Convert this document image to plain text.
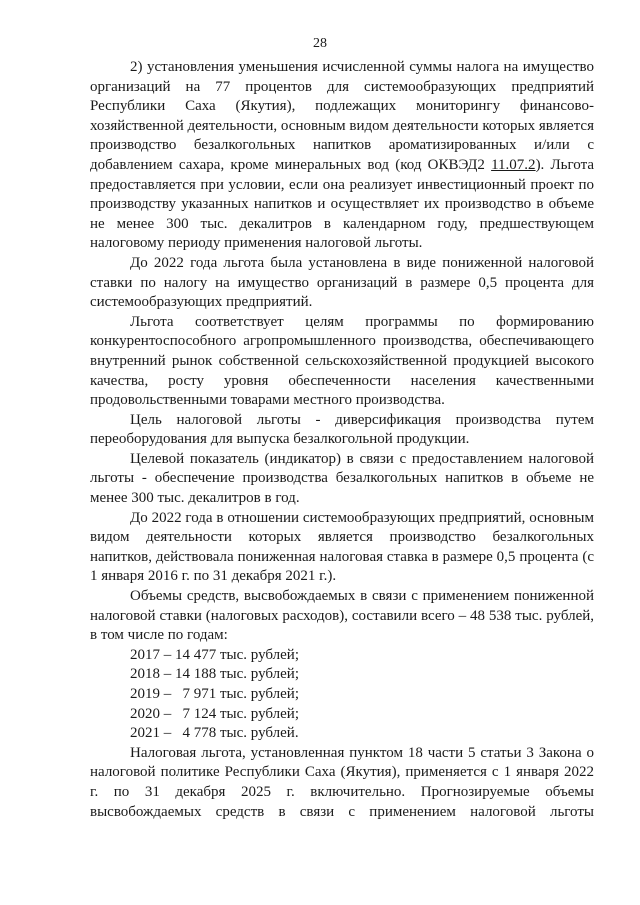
28

2) установления уменьшения исчисленной суммы налога на имущество организаций на 77 процентов для системообразующих предприятий Республики Саха (Якутия), подлежащих мониторингу финансово-хозяйственной деятельности, основным видом деятельности которых является производство безалкогольных напитков ароматизированных и/или с добавлением сахара, кроме минеральных вод (код ОКВЭД2 11.07.2). Льгота предоставляется при условии, если она реализует инвестиционный проект по производству указанных напитков и осуществляет их производство в объеме не менее 300 тыс. декалитров в календарном году, предшествующем налоговому периоду применения налоговой льготы.

До 2022 года льгота была установлена в виде пониженной налоговой ставки по налогу на имущество организаций в размере 0,5 процента для системообразующих предприятий.

Льгота соответствует целям программы по формированию конкурентоспособного агропромышленного производства, обеспечивающего внутренний рынок собственной сельскохозяйственной продукцией высокого качества, росту уровня обеспеченности населения качественными продовольственными товарами местного производства.

Цель налоговой льготы - диверсификация производства путем переоборудования для выпуска безалкогольной продукции.

Целевой показатель (индикатор) в связи с предоставлением налоговой льготы - обеспечение производства безалкогольных напитков в объеме не менее 300 тыс. декалитров в год.

До 2022 года в отношении системообразующих предприятий, основным видом деятельности которых является производство безалкогольных напитков, действовала пониженная налоговая ставка в размере 0,5 процента (с 1 января 2016 г. по 31 декабря 2021 г.).

Объемы средств, высвобождаемых в связи с применением пониженной налоговой ставки (налоговых расходов), составили всего – 48 538 тыс. рублей, в том числе по годам:

2017 – 14 477 тыс. рублей;
2018 – 14 188 тыс. рублей;
2019 –   7 971 тыс. рублей;
2020 –   7 124 тыс. рублей;
2021 –   4 778 тыс. рублей.

Налоговая льгота, установленная пунктом 18 части 5 статьи 3 Закона о налоговой политике Республики Саха (Якутия), применяется с 1 января 2022 г. по 31 декабря 2025 г. включительно. Прогнозируемые объемы высвобождаемых средств в связи с применением налоговой льготы
